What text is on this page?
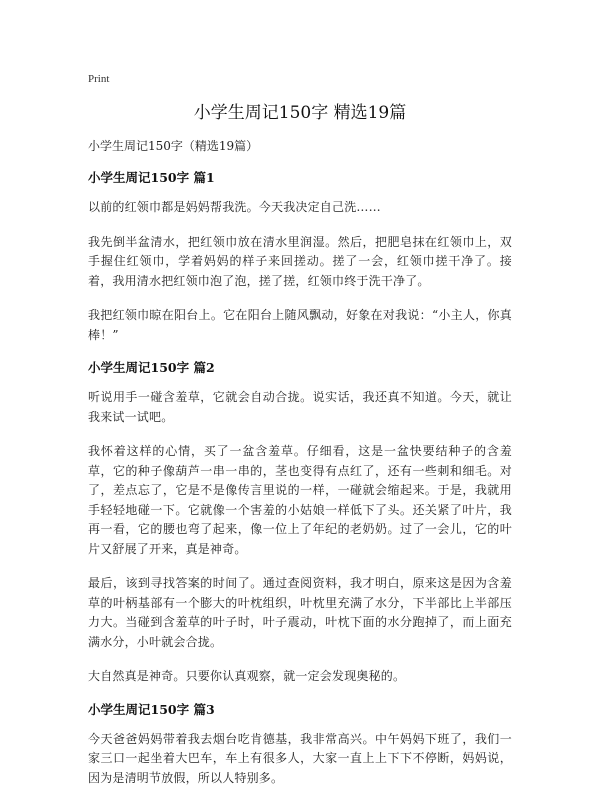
Print
小学生周记150字 精选19篇

小学生周记150字（精选19篇）

小学生周记150字 篇1

以前的红领巾都是妈妈帮我洗。今天我决定自己洗……

我先倒半盆清水，把红领巾放在清水里润湿。然后，把肥皂抹在红领巾上，双手握住红领巾，学着妈妈的样子来回搓动。搓了一会，红领巾搓干净了。接着，我用清水把红领巾泡了泡，搓了搓，红领巾终于洗干净了。

我把红领巾晾在阳台上。它在阳台上随风飘动，好象在对我说：“小主人，你真棒！”

小学生周记150字 篇2

听说用手一碰含羞草，它就会自动合拢。说实话，我还真不知道。今天，就让我来试一试吧。

我怀着这样的心情，买了一盆含羞草。仔细看，这是一盆快要结种子的含羞草，它的种子像葫芦一串一串的，茎也变得有点红了，还有一些刺和细毛。对了，差点忘了，它是不是像传言里说的一样，一碰就会缩起来。于是，我就用手轻轻地碰一下。它就像一个害羞的小姑娘一样低下了头。还关紧了叶片，我再一看，它的腰也弯了起来，像一位上了年纪的老奶奶。过了一会儿，它的叶片又舒展了开来，真是神奇。

最后，该到寻找答案的时间了。通过查阅资料，我才明白，原来这是因为含羞草的叶柄基部有一个膨大的叶枕组织，叶枕里充满了水分，下半部比上半部压力大。当碰到含羞草的叶子时，叶子震动，叶枕下面的水分跑掉了，而上面充满水分，小叶就会合拢。

大自然真是神奇。只要你认真观察，就一定会发现奥秘的。

小学生周记150字 篇3

今天爸爸妈妈带着我去烟台吃肯德基，我非常高兴。中午妈妈下班了，我们一家三口一起坐着大巴车，车上有很多人，大家一直上上下下不停断，妈妈说，因为是清明节放假，所以人特别多。
